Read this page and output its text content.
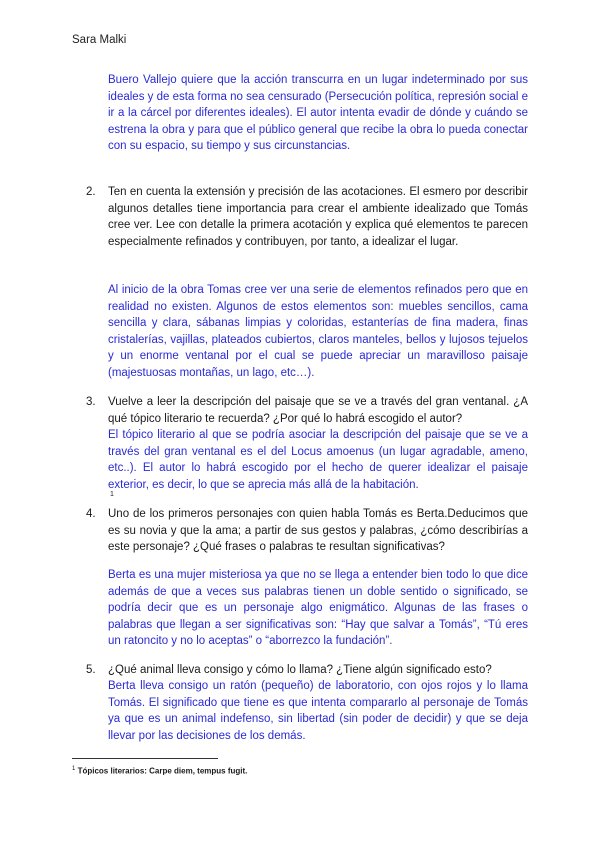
Sara Malki
Buero Vallejo quiere que la acción transcurra en un lugar indeterminado por sus ideales y de esta forma no sea censurado (Persecución política, represión social e ir a la cárcel por diferentes ideales). El autor intenta evadir de dónde y cuándo se estrena la obra y para que el público general que recibe la obra lo pueda conectar con su espacio, su tiempo y sus circunstancias.
2. Ten en cuenta la extensión y precisión de las acotaciones. El esmero por describir algunos detalles tiene importancia para crear el ambiente idealizado que Tomás cree ver. Lee con detalle la primera acotación y explica qué elementos te parecen especialmente refinados y contribuyen, por tanto, a idealizar el lugar.
Al inicio de la obra Tomas cree ver una serie de elementos refinados pero que en realidad no existen. Algunos de estos elementos son: muebles sencillos, cama sencilla y clara, sábanas limpias y coloridas, estanterías de fina madera, finas cristalerías, vajillas, plateados cubiertos, claros manteles, bellos y lujosos tejuelos y un enorme ventanal por el cual se puede apreciar un maravilloso paisaje (majestuosas montañas, un lago, etc…).
3. Vuelve a leer la descripción del paisaje que se ve a través del gran ventanal. ¿A qué tópico literario te recuerda? ¿Por qué lo habrá escogido el autor?
El tópico literario al que se podría asociar la descripción del paisaje que se ve a través del gran ventanal es el del Locus amoenus (un lugar agradable, ameno, etc..). El autor lo habrá escogido por el hecho de querer idealizar el paisaje exterior, es decir, lo que se aprecia más allá de la habitación.
1
4. Uno de los primeros personajes con quien habla Tomás es Berta.Deducimos que es su novia y que la ama; a partir de sus gestos y palabras, ¿cómo describirías a este personaje? ¿Qué frases o palabras te resultan significativas?
Berta es una mujer misteriosa ya que no se llega a entender bien todo lo que dice además de que a veces sus palabras tienen un doble sentido o significado, se podría decir que es un personaje algo enigmático. Algunas de las frases o palabras que llegan a ser significativas son: “Hay que salvar a Tomás”, “Tú eres un ratoncito y no lo aceptas” o “aborrezco la fundación”.
5. ¿Qué animal lleva consigo y cómo lo llama? ¿Tiene algún significado esto?
Berta lleva consigo un ratón (pequeño) de laboratorio, con ojos rojos y lo llama Tomás. El significado que tiene es que intenta compararlo al personaje de Tomás ya que es un animal indefenso, sin libertad (sin poder de decidir) y que se deja llevar por las decisiones de los demás.
$^1$ Tópicos literarios: Carpe diem, tempus fugit.
